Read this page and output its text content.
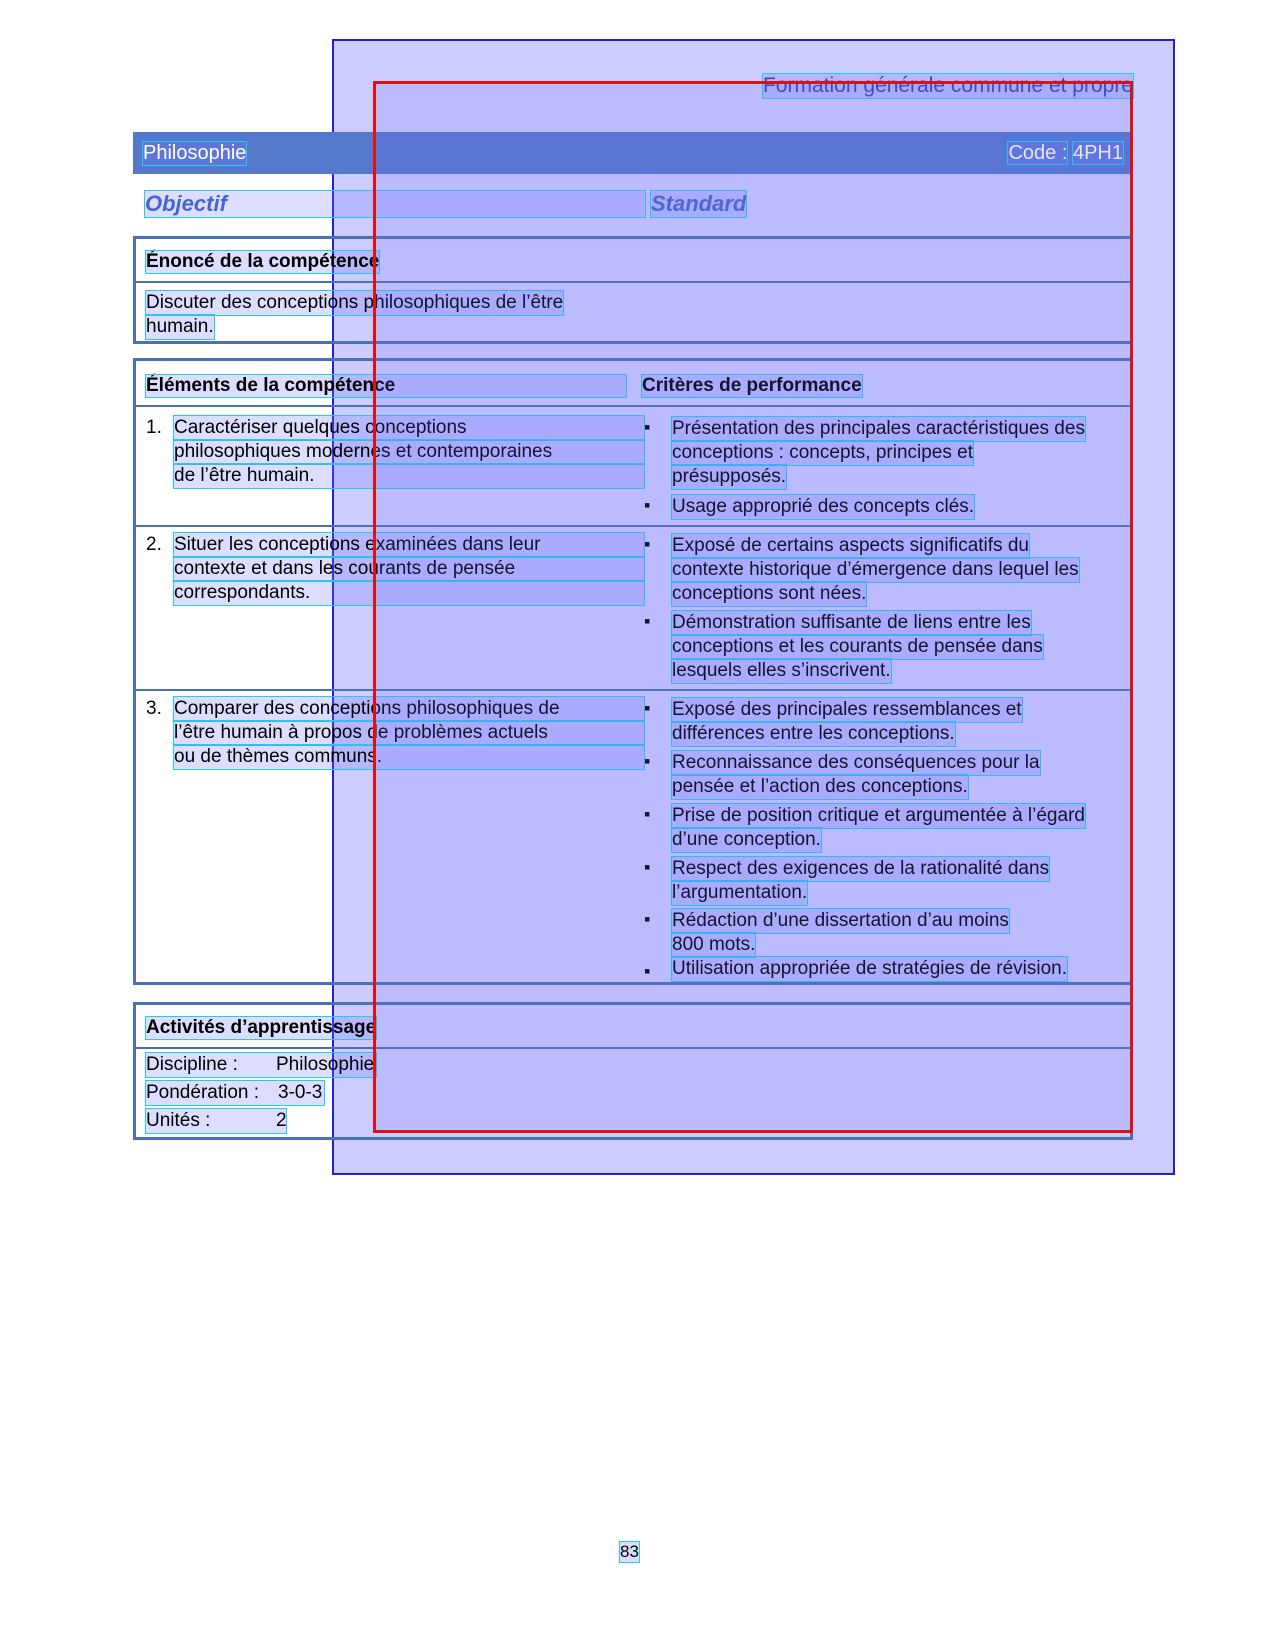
Formation générale commune et propre
Philosophie	Code : 4PH1
Objectif	Standard
Énoncé de la compétence
Discuter des conceptions philosophiques de l’être
humain.
Éléments de la compétence	Critères de performance
1. Caractériser quelques conceptions
philosophiques modernes et contemporaines
de l’être humain.
▪ Présentation des principales caractéristiques des
conceptions : concepts, principes et
présupposés.
▪ Usage approprié des concepts clés.
2. Situer les conceptions examinées dans leur
contexte et dans les courants de pensée
correspondants.
▪ Exposé de certains aspects significatifs du
contexte historique d’émergence dans lequel les
conceptions sont nées.
▪ Démonstration suffisante de liens entre les
conceptions et les courants de pensée dans
lesquels elles s’inscrivent.
3. Comparer des conceptions philosophiques de
l’être humain à propos de problèmes actuels
ou de thèmes communs.
▪ Exposé des principales ressemblances et
différences entre les conceptions.
▪ Reconnaissance des conséquences pour la
pensée et l’action des conceptions.
▪ Prise de position critique et argumentée à l’égard
d’une conception.
▪ Respect des exigences de la rationalité dans
l’argumentation.
▪ Rédaction d’une dissertation d’au moins
800 mots.
▪ Utilisation appropriée de stratégies de révision.
Activités d’apprentissage
Discipline : Philosophie
Pondération : 3-0-3
Unités :	2
83
